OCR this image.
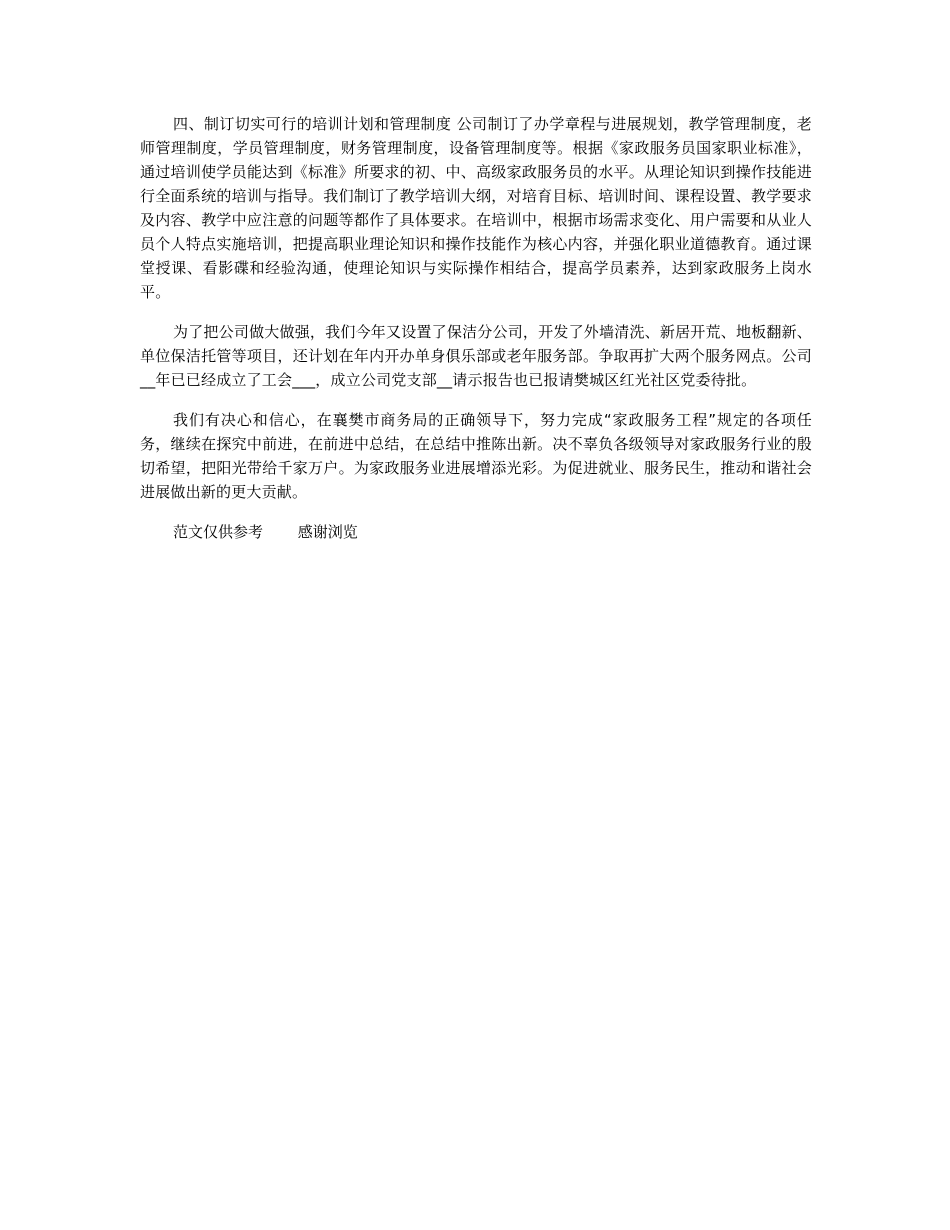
四、制订切实可行的培训计划和管理制度 公司制订了办学章程与进展规划，教学管理制度，老师管理制度，学员管理制度，财务管理制度，设备管理制度等。根据《家政服务员国家职业标准》，通过培训使学员能达到《标准》所要求的初、中、高级家政服务员的水平。从理论知识到操作技能进行全面系统的培训与指导。我们制订了教学培训大纲，对培育目标、培训时间、课程设置、教学要求及内容、教学中应注意的问题等都作了具体要求。在培训中，根据市场需求变化、用户需要和从业人员个人特点实施培训，把提高职业理论知识和操作技能作为核心内容，并强化职业道德教育。通过课堂授课、看影碟和经验沟通，使理论知识与实际操作相结合，提高学员素养，达到家政服务上岗水平。

为了把公司做大做强，我们今年又设置了保洁分公司，开发了外墙清洗、新居开荒、地板翻新、单位保洁托管等项目，还计划在年内开办单身俱乐部或老年服务部。争取再扩大两个服务网点。公司__年已已经成立了工会___，成立公司党支部__请示报告也已报请樊城区红光社区党委待批。

我们有决心和信心，在襄樊市商务局的正确领导下，努力完成“家政服务工程”规定的各项任务，继续在探究中前进，在前进中总结，在总结中推陈出新。决不辜负各级领导对家政服务行业的殷切希望，把阳光带给千家万户。为家政服务业进展增添光彩。为促进就业、服务民生，推动和谐社会进展做出新的更大贡献。

范文仅供参考 感谢浏览
